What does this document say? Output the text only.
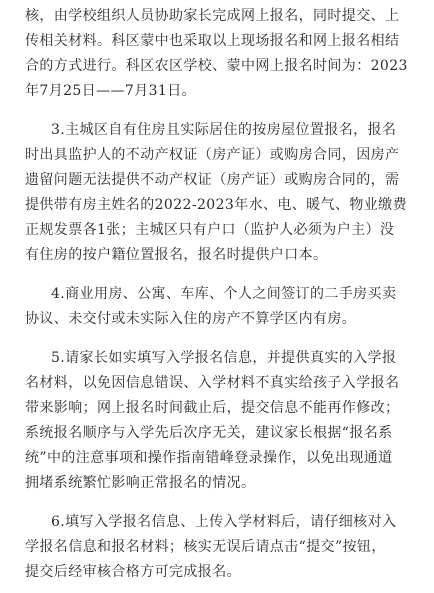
核，由学校组织人员协助家长完成网上报名，同时提交、上
传相关材料。科区蒙中也采取以上现场报名和网上报名相结
合的方式进行。科区农区学校、蒙中网上报名时间为：2023
年7月25日——7月31日。
3.主城区自有住房且实际居住的按房屋位置报名，报名
时出具监护人的不动产权证（房产证）或购房合同，因房产
遗留问题无法提供不动产权证（房产证）或购房合同的，需
提供带有房主姓名的2022-2023年水、电、暖气、物业缴费
正规发票各1张；主城区只有户口（监护人必须为户主）没
有住房的按户籍位置报名，报名时提供户口本。
4.商业用房、公寓、车库、个人之间签订的二手房买卖
协议、未交付或未实际入住的房产不算学区内有房。
5.请家长如实填写入学报名信息，并提供真实的入学报
名材料，以免因信息错误、入学材料不真实给孩子入学报名
带来影响；网上报名时间截止后，提交信息不能再作修改；
系统报名顺序与入学先后次序无关，建议家长根据“报名系
统”中的注意事项和操作指南错峰登录操作，以免出现通道
拥堵系统繁忙影响正常报名的情况。
6.填写入学报名信息、上传入学材料后，请仔细核对入
学报名信息和报名材料；核实无误后请点击“提交”按钮，
提交后经审核合格方可完成报名。
